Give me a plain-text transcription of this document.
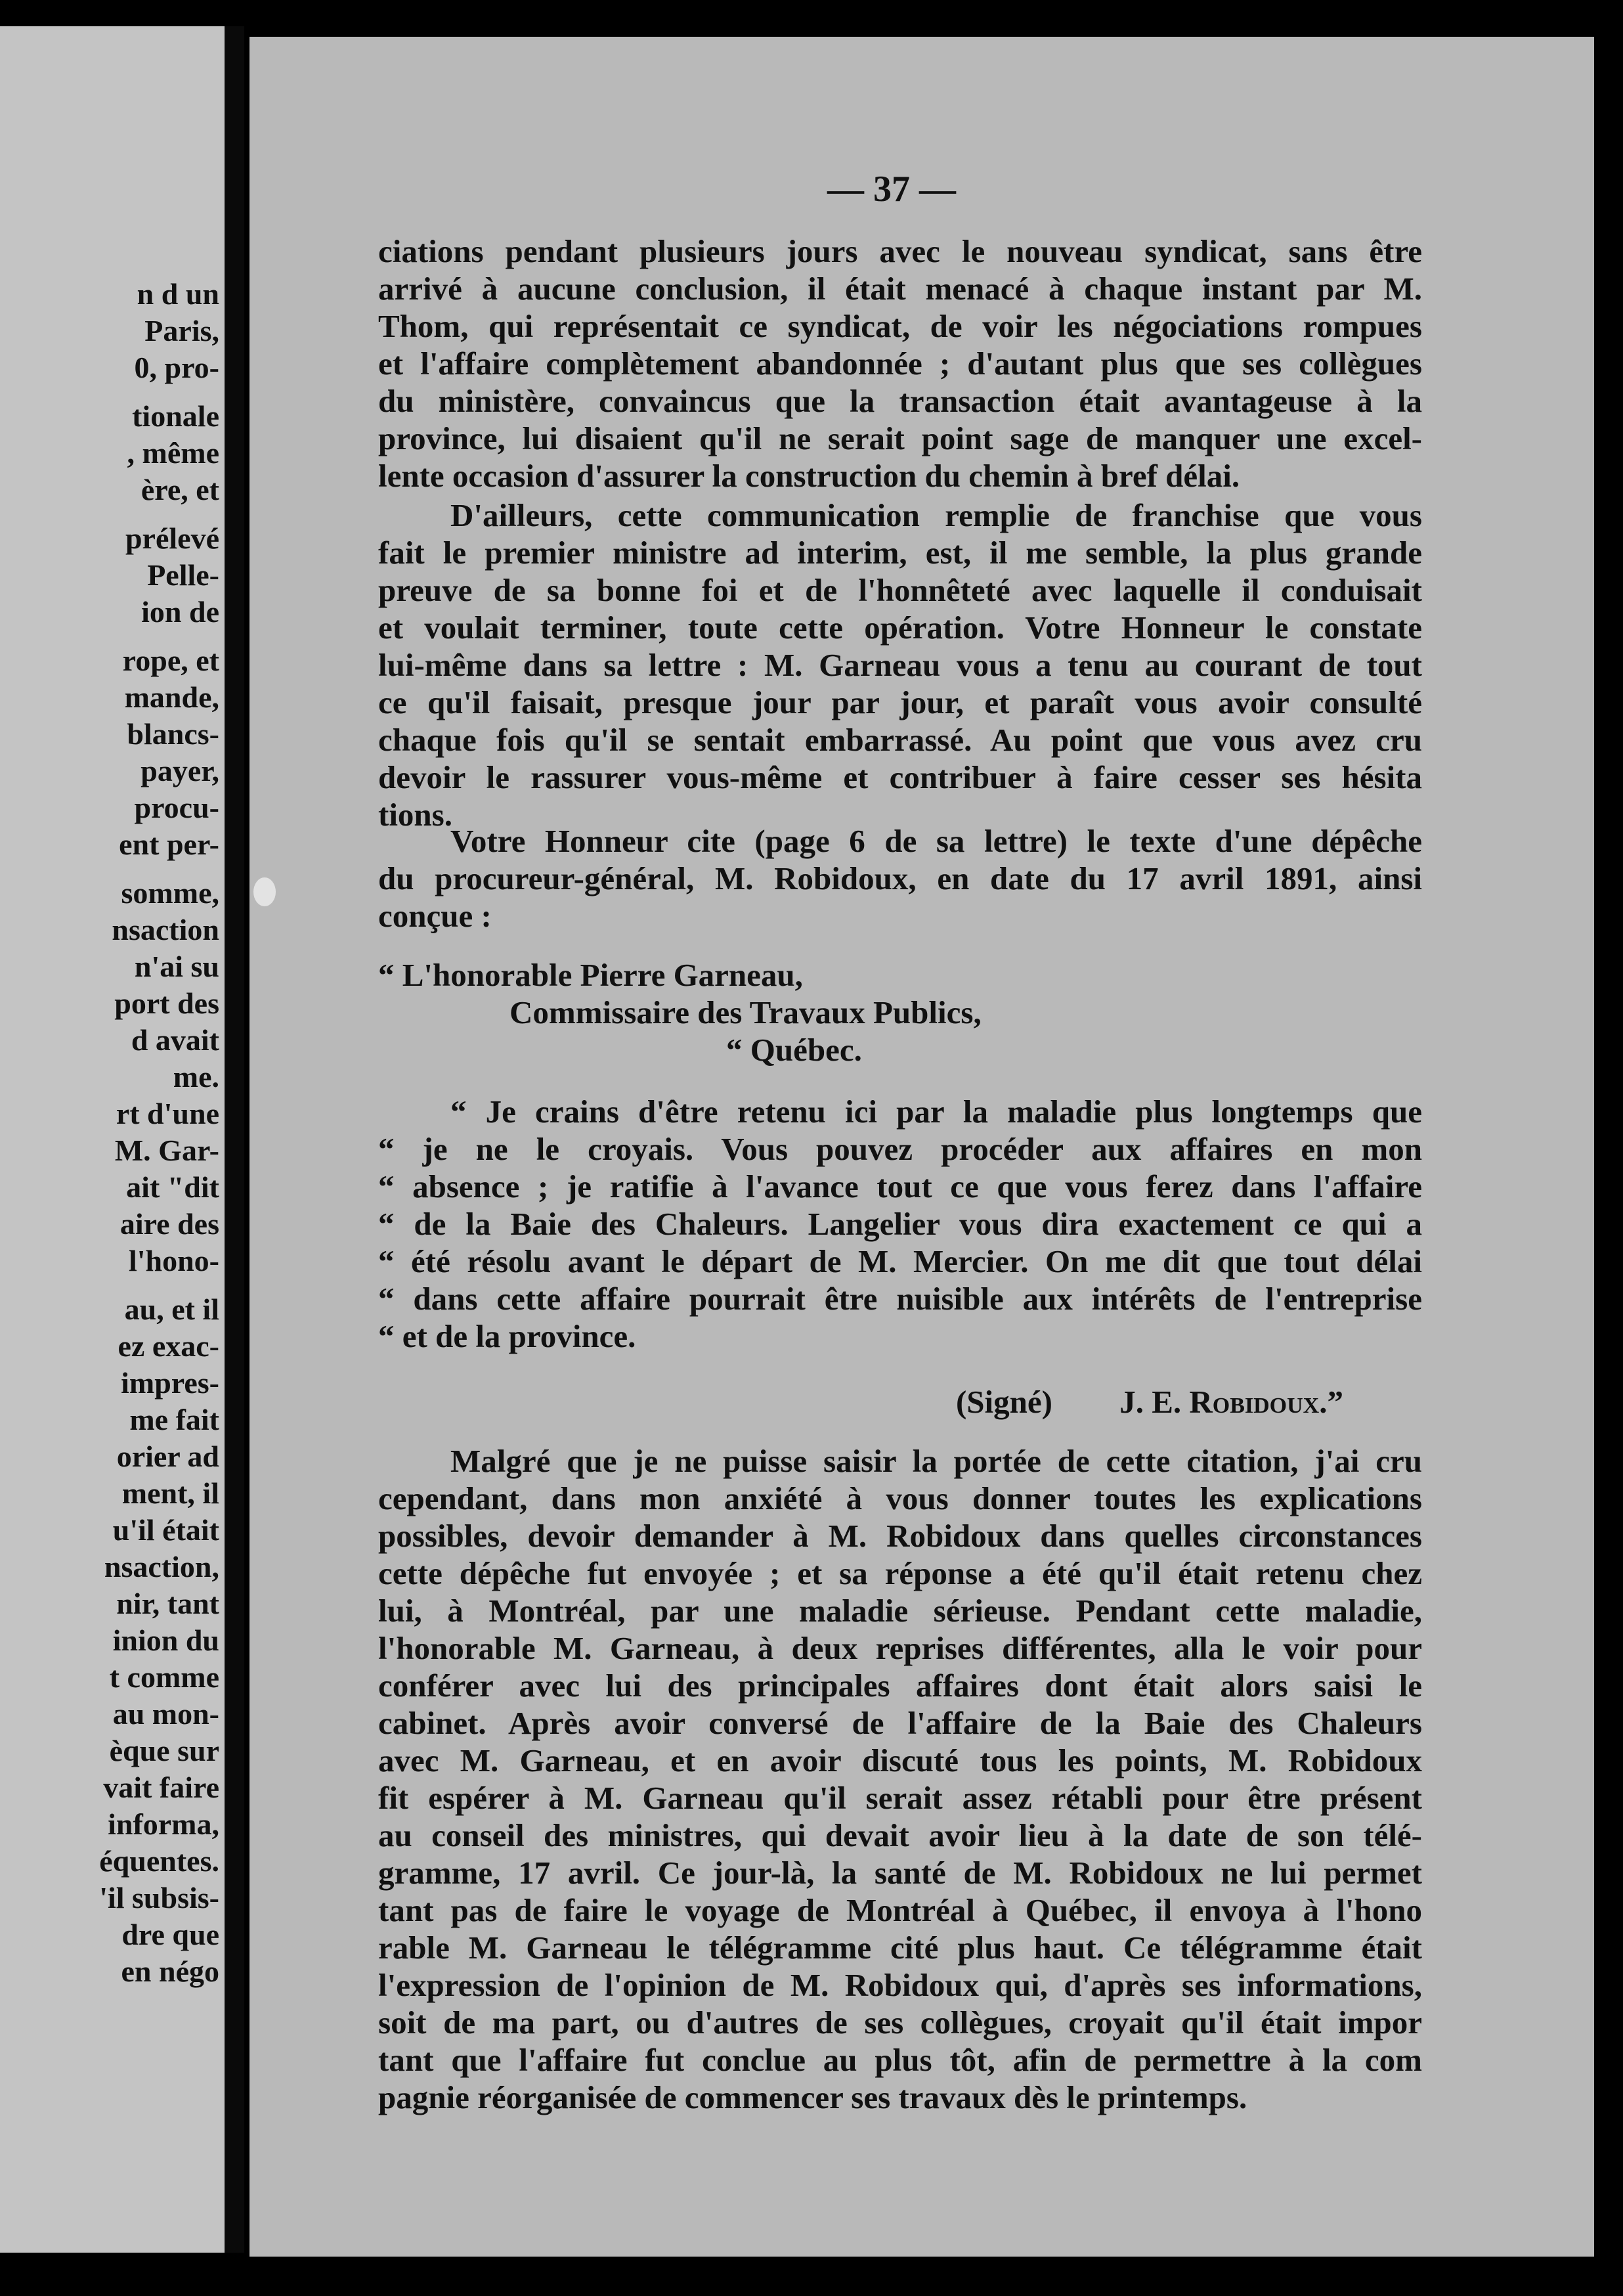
n d un
Paris,
0, pro-
tionale
, même
ère, et
prélevé
Pelle-
ion de
rope, et
mande,
blancs-
payer,
procu-
ent per-
somme,
nsaction
n'ai su
port des
d avait
me.
rt d'une
M. Gar-
ait "dit
aire des
l'hono-
au, et il
ez exac-
impres-
me fait
orier ad
ment, il
u'il était
nsaction,
nir, tant
inion du
t comme
au mon-
èque sur
vait faire
informa,
équentes.
'il subsis-
dre que
en négo
— 37 —
ciations pendant plusieurs jours avec le nouveau syndicat, sans être
arrivé à aucune conclusion, il était menacé à chaque instant par M.
Thom, qui représentait ce syndicat, de voir les négociations rompues
et l'affaire complètement abandonnée ; d'autant plus que ses collègues
du ministère, convaincus que la transaction était avantageuse à la
province, lui disaient qu'il ne serait point sage de manquer une excel-
lente occasion d'assurer la construction du chemin à bref délai.
D'ailleurs, cette communication remplie de franchise que vous
fait le premier ministre ad interim, est, il me semble, la plus grande
preuve de sa bonne foi et de l'honnêteté avec laquelle il conduisait
et voulait terminer, toute cette opération. Votre Honneur le constate
lui-même dans sa lettre : M. Garneau vous a tenu au courant de tout
ce qu'il faisait, presque jour par jour, et paraît vous avoir consulté
chaque fois qu'il se sentait embarrassé. Au point que vous avez cru
devoir le rassurer vous-même et contribuer à faire cesser ses hésita
tions.
Votre Honneur cite (page 6 de sa lettre) le texte d'une dépêche
du procureur-général, M. Robidoux, en date du 17 avril 1891, ainsi
conçue :
“ L'honorable Pierre Garneau,
Commissaire des Travaux Publics,
“ Québec.
“ Je crains d'être retenu ici par la maladie plus longtemps que
“ je ne le croyais. Vous pouvez procéder aux affaires en mon
“ absence ; je ratifie à l'avance tout ce que vous ferez dans l'affaire
“ de la Baie des Chaleurs. Langelier vous dira exactement ce qui a
“ été résolu avant le départ de M. Mercier. On me dit que tout délai
“ dans cette affaire pourrait être nuisible aux intérêts de l'entreprise
“ et de la province.
(Signé) J. E. Robidoux.”
Malgré que je ne puisse saisir la portée de cette citation, j'ai cru
cependant, dans mon anxiété à vous donner toutes les explications
possibles, devoir demander à M. Robidoux dans quelles circonstances
cette dépêche fut envoyée ; et sa réponse a été qu'il était retenu chez
lui, à Montréal, par une maladie sérieuse. Pendant cette maladie,
l'honorable M. Garneau, à deux reprises différentes, alla le voir pour
conférer avec lui des principales affaires dont était alors saisi le
cabinet. Après avoir conversé de l'affaire de la Baie des Chaleurs
avec M. Garneau, et en avoir discuté tous les points, M. Robidoux
fit espérer à M. Garneau qu'il serait assez rétabli pour être présent
au conseil des ministres, qui devait avoir lieu à la date de son télé-
gramme, 17 avril. Ce jour-là, la santé de M. Robidoux ne lui permet
tant pas de faire le voyage de Montréal à Québec, il envoya à l'hono
rable M. Garneau le télégramme cité plus haut. Ce télégramme était
l'expression de l'opinion de M. Robidoux qui, d'après ses informations,
soit de ma part, ou d'autres de ses collègues, croyait qu'il était impor
tant que l'affaire fut conclue au plus tôt, afin de permettre à la com
pagnie réorganisée de commencer ses travaux dès le printemps.
